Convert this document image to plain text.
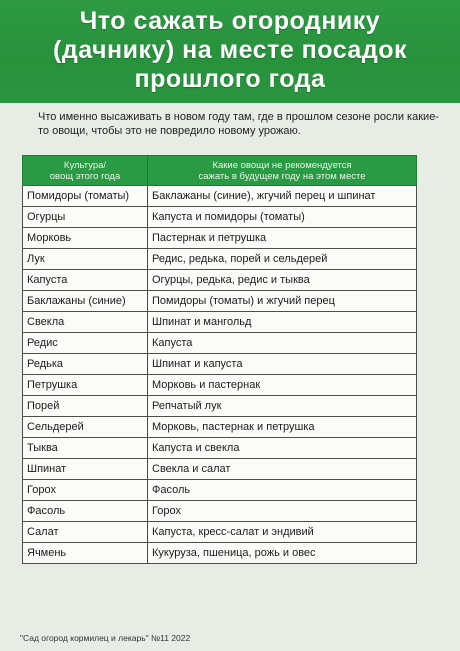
Что сажать огороднику
(дачнику) на месте посадок
прошлого года

Что именно высаживать в новом году там, где в прошлом сезоне росли какие-то овощи, чтобы это не повредило новому урожаю.

Культура/
овощ этого года	Какие овощи не рекомендуется
сажать в будущем году на этом месте
Помидоры (томаты)	Баклажаны (синие), жгучий перец и шпинат
Огурцы	Капуста и помидоры (томаты)
Морковь	Пастернак и петрушка
Лук	Редис, редька, порей и сельдерей
Капуста	Огурцы, редька, редис и тыква
Баклажаны (синие)	Помидоры (томаты) и жгучий перец
Свекла	Шпинат и мангольд
Редис	Капуста
Редька	Шпинат и капуста
Петрушка	Морковь и пастернак
Порей	Репчатый лук
Сельдерей	Морковь, пастернак и петрушка
Тыква	Капуста и свекла
Шпинат	Свекла и салат
Горох	Фасоль
Фасоль	Горох
Салат	Капуста, кресс-салат и эндивий
Ячмень	Кукуруза, пшеница, рожь и овес
"Сад огород кормилец и лекарь" №11 2022
